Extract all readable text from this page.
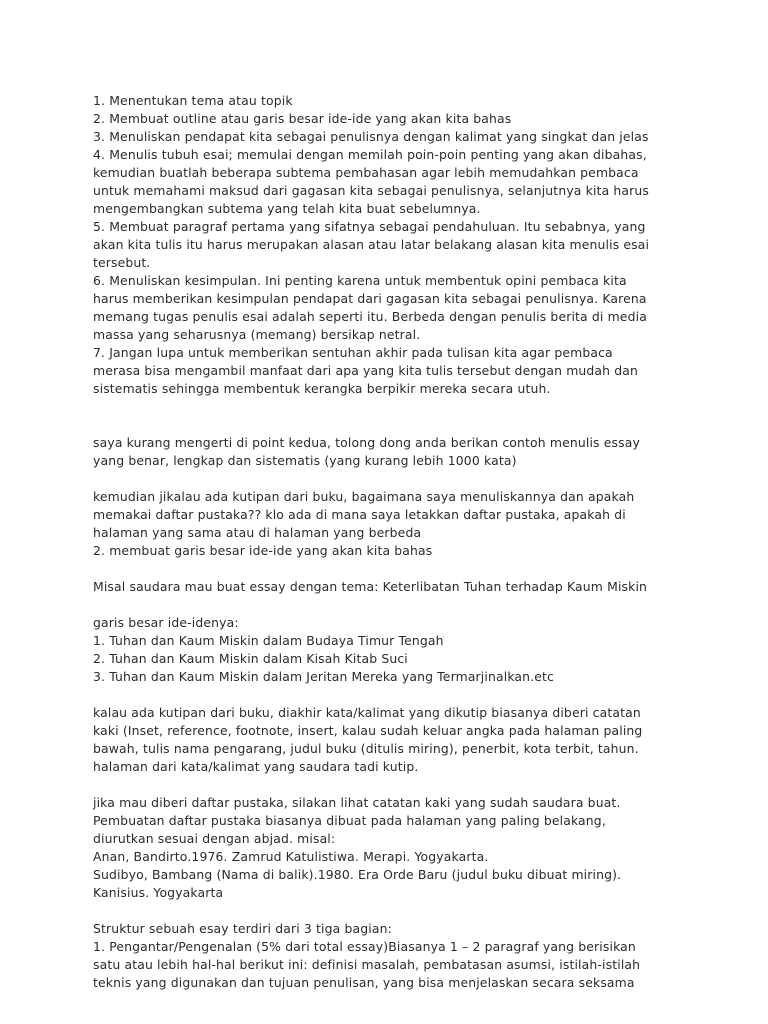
1. Menentukan tema atau topik
2. Membuat outline atau garis besar ide-ide yang akan kita bahas
3. Menuliskan pendapat kita sebagai penulisnya dengan kalimat yang singkat dan jelas
4. Menulis tubuh esai; memulai dengan memilah poin-poin penting yang akan dibahas,
kemudian buatlah beberapa subtema pembahasan agar lebih memudahkan pembaca
untuk memahami maksud dari gagasan kita sebagai penulisnya, selanjutnya kita harus
mengembangkan subtema yang telah kita buat sebelumnya.
5. Membuat paragraf pertama yang sifatnya sebagai pendahuluan. Itu sebabnya, yang
akan kita tulis itu harus merupakan alasan atau latar belakang alasan kita menulis esai
tersebut.
6. Menuliskan kesimpulan. Ini penting karena untuk membentuk opini pembaca kita
harus memberikan kesimpulan pendapat dari gagasan kita sebagai penulisnya. Karena
memang tugas penulis esai adalah seperti itu. Berbeda dengan penulis berita di media
massa yang seharusnya (memang) bersikap netral.
7. Jangan lupa untuk memberikan sentuhan akhir pada tulisan kita agar pembaca
merasa bisa mengambil manfaat dari apa yang kita tulis tersebut dengan mudah dan
sistematis sehingga membentuk kerangka berpikir mereka secara utuh.
saya kurang mengerti di point kedua, tolong dong anda berikan contoh menulis essay
yang benar, lengkap dan sistematis (yang kurang lebih 1000 kata)
kemudian jikalau ada kutipan dari buku, bagaimana saya menuliskannya dan apakah
memakai daftar pustaka?? klo ada di mana saya letakkan daftar pustaka, apakah di
halaman yang sama atau di halaman yang berbeda
2. membuat garis besar ide-ide yang akan kita bahas
Misal saudara mau buat essay dengan tema: Keterlibatan Tuhan terhadap Kaum Miskin
garis besar ide-idenya:
1. Tuhan dan Kaum Miskin dalam Budaya Timur Tengah
2. Tuhan dan Kaum Miskin dalam Kisah Kitab Suci
3. Tuhan dan Kaum Miskin dalam Jeritan Mereka yang Termarjinalkan.etc
kalau ada kutipan dari buku, diakhir kata/kalimat yang dikutip biasanya diberi catatan
kaki (Inset, reference, footnote, insert, kalau sudah keluar angka pada halaman paling
bawah, tulis nama pengarang, judul buku (ditulis miring), penerbit, kota terbit, tahun.
halaman dari kata/kalimat yang saudara tadi kutip.
jika mau diberi daftar pustaka, silakan lihat catatan kaki yang sudah saudara buat.
Pembuatan daftar pustaka biasanya dibuat pada halaman yang paling belakang,
diurutkan sesuai dengan abjad. misal:
Anan, Bandirto.1976. Zamrud Katulistiwa. Merapi. Yogyakarta.
Sudibyo, Bambang (Nama di balik).1980. Era Orde Baru (judul buku dibuat miring).
Kanisius. Yogyakarta
Struktur sebuah esay terdiri dari 3 tiga bagian:
1. Pengantar/Pengenalan (5% dari total essay)Biasanya 1 – 2 paragraf yang berisikan
satu atau lebih hal-hal berikut ini: definisi masalah, pembatasan asumsi, istilah-istilah
teknis yang digunakan dan tujuan penulisan, yang bisa menjelaskan secara seksama
